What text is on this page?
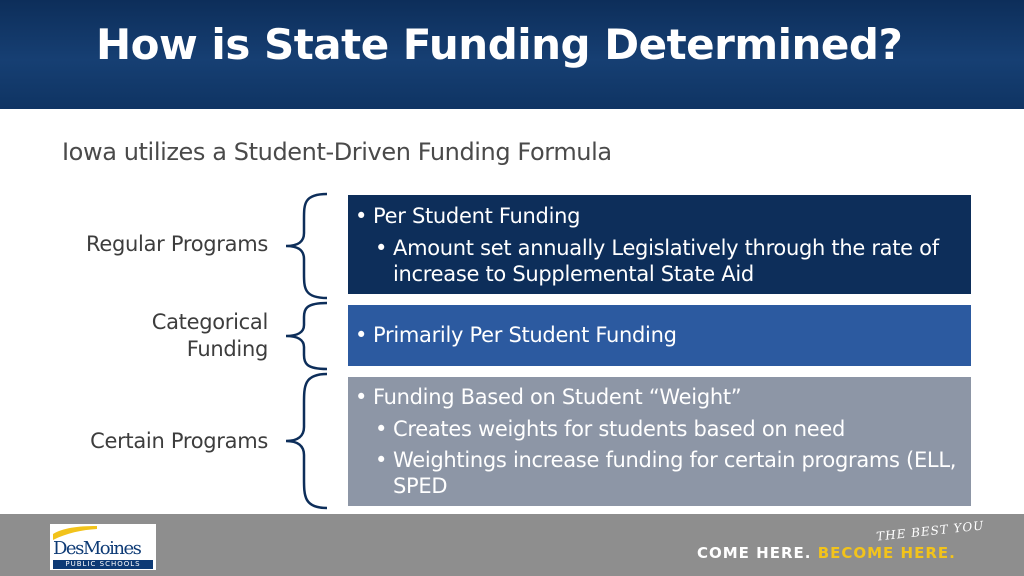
How is State Funding Determined?
Iowa utilizes a Student-Driven Funding Formula
Regular Programs
Categorical
Funding
Certain Programs
• Per Student Funding
• Amount set annually Legislatively through the rate of
increase to Supplemental State Aid
• Primarily Per Student Funding
• Funding Based on Student “Weight”
• Creates weights for students based on need
• Weightings increase funding for certain programs (ELL,
SPED
DesMoines
PUBLIC SCHOOLS
THE BEST YOU
COME HERE. BECOME HERE.
